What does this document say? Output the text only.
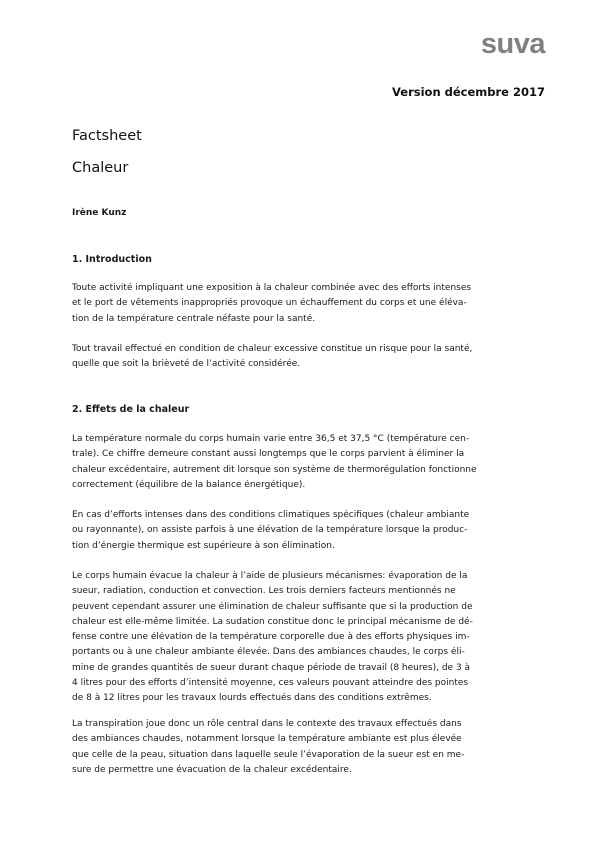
suva
Version décembre 2017
Factsheet
Chaleur
Irène Kunz
1. Introduction

Toute activité impliquant une exposition à la chaleur combinée avec des efforts intenses
et le port de vêtements inappropriés provoque un échauffement du corps et une éléva-
tion de la température centrale néfaste pour la santé.

Tout travail effectué en condition de chaleur excessive constitue un risque pour la santé,
quelle que soit la brièveté de l’activité considérée.

2. Effets de la chaleur

La température normale du corps humain varie entre 36,5 et 37,5 °C (température cen-
trale). Ce chiffre demeure constant aussi longtemps que le corps parvient à éliminer la
chaleur excédentaire, autrement dit lorsque son système de thermorégulation fonctionne
correctement (équilibre de la balance énergétique).

En cas d’efforts intenses dans des conditions climatiques spécifiques (chaleur ambiante
ou rayonnante), on assiste parfois à une élévation de la température lorsque la produc-
tion d’énergie thermique est supérieure à son élimination.

Le corps humain évacue la chaleur à l’aide de plusieurs mécanismes: évaporation de la
sueur, radiation, conduction et convection. Les trois derniers facteurs mentionnés ne
peuvent cependant assurer une élimination de chaleur suffisante que si la production de
chaleur est elle-même limitée. La sudation constitue donc le principal mécanisme de dé-
fense contre une élévation de la température corporelle due à des efforts physiques im-
portants ou à une chaleur ambiante élevée. Dans des ambiances chaudes, le corps éli-
mine de grandes quantités de sueur durant chaque période de travail (8 heures), de 3 à
4 litres pour des efforts d’intensité moyenne, ces valeurs pouvant atteindre des pointes
de 8 à 12 litres pour les travaux lourds effectués dans des conditions extrêmes.

La transpiration joue donc un rôle central dans le contexte des travaux effectués dans
des ambiances chaudes, notamment lorsque la température ambiante est plus élevée
que celle de la peau, situation dans laquelle seule l’évaporation de la sueur est en me-
sure de permettre une évacuation de la chaleur excédentaire.
